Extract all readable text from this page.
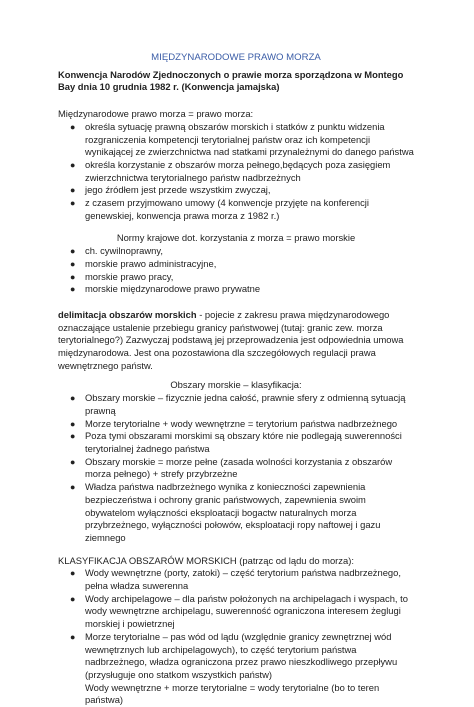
MIĘDZYNARODOWE PRAWO MORZA
Konwencja Narodów Zjednoczonych o prawie morza sporządzona w Montego Bay dnia 10 grudnia 1982 r. (Konwencja jamajska)

Międzynarodowe prawo morza = prawo morza:

● określa sytuację prawną obszarów morskich i statków z punktu widzenia rozgraniczenia kompetencji terytorialnej państw oraz ich kompetencji wynikającej ze zwierzchnictwa nad statkami przynależnymi do danego państwa
● określa korzystanie z obszarów morza pełnego,będących poza zasięgiem zwierzchnictwa terytorialnego państw nadbrzeżnych
● jego źródłem jest przede wszystkim zwyczaj,
● z czasem przyjmowano umowy (4 konwencje przyjęte na konferencji genewskiej, konwencja prawa morza z 1982 r.)

Normy krajowe dot. korzystania z morza = prawo morskie

● ch. cywilnoprawny,
● morskie prawo administracyjne,
● morskie prawo pracy,
● morskie międzynarodowe prawo prywatne

delimitacja obszarów morskich - pojecie z zakresu prawa międzynarodowego oznaczające ustalenie przebiegu granicy państwowej (tutaj: granic zew. morza terytorialnego?) Zazwyczaj podstawą jej przeprowadzenia jest odpowiednia umowa międzynarodowa. Jest ona pozostawiona dla szczegółowych regulacji prawa wewnętrznego państw.

Obszary morskie – klasyfikacja:

● Obszary morskie – fizycznie jedna całość, prawnie sfery z odmienną sytuacją prawną
● Morze terytorialne + wody wewnętrzne = terytorium państwa nadbrzeżnego
● Poza tymi obszarami morskimi są obszary które nie podlegają suwerenności terytorialnej żadnego państwa
● Obszary morskie = morze pełne (zasada wolności korzystania z obszarów morza pełnego) + strefy przybrzeżne
● Władza państwa nadbrzeżnego wynika z konieczności zapewnienia bezpieczeństwa i ochrony granic państwowych, zapewnienia swoim obywatelom wyłączności eksploatacji bogactw naturalnych morza przybrzeżnego, wyłączności połowów, eksploatacji ropy naftowej i gazu ziemnego

KLASYFIKACJA OBSZARÓW MORSKICH (patrząc od lądu do morza):

● Wody wewnętrzne (porty, zatoki) – część terytorium państwa nadbrzeżnego, pełna władza suwerenna
● Wody archipelagowe – dla państw położonych na archipelagach i wyspach, to wody wewnętrzne archipelagu, suwerenność ograniczona interesem żeglugi morskiej i powietrznej
● Morze terytorialne – pas wód od lądu (względnie granicy zewnętrznej wód wewnętrznych lub archipelagowych), to część terytorium państwa nadbrzeżnego, władza ograniczona przez prawo nieszkodliwego przepływu (przysługuje ono statkom wszystkich państw)

Wody wewnętrzne + morze terytorialne = wody terytorialne (bo to teren państwa)
